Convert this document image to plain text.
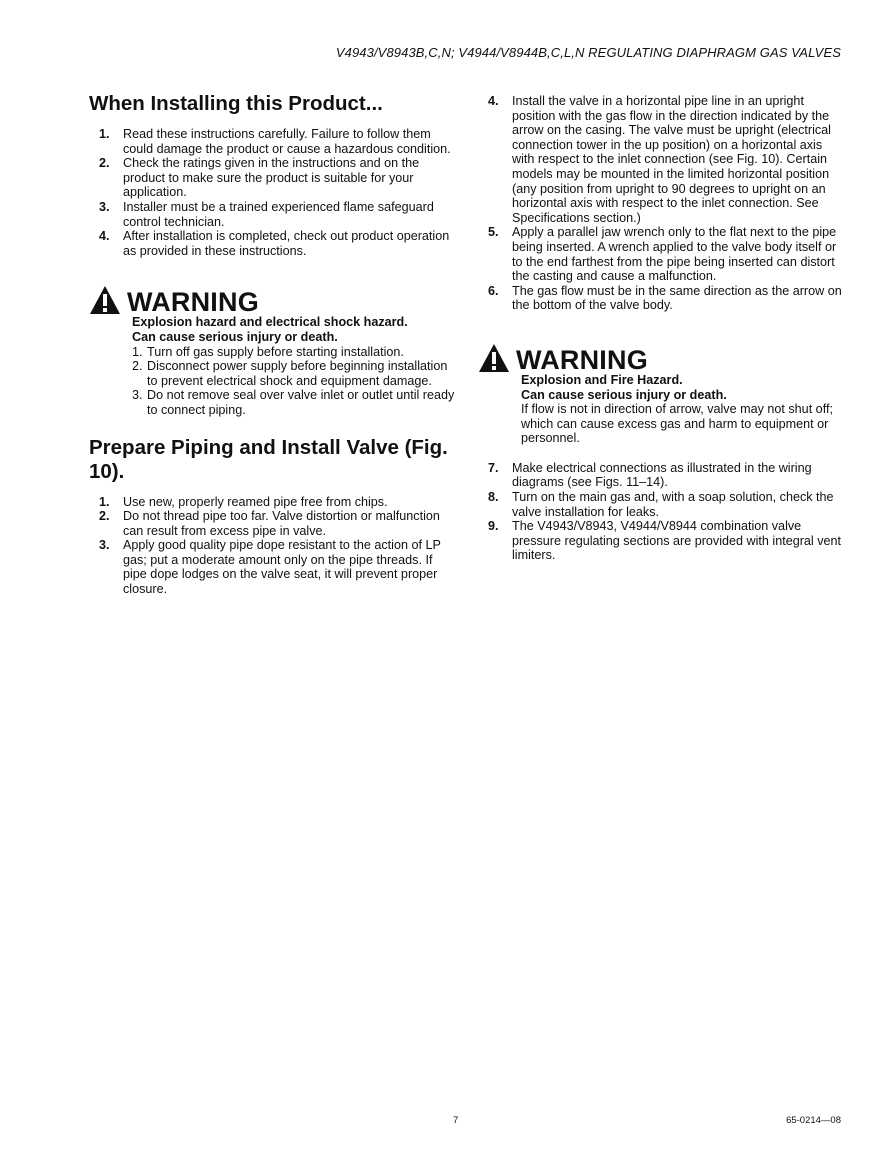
V4943/V8943B,C,N; V4944/V8944B,C,L,N REGULATING DIAPHRAGM GAS VALVES
When Installing this Product...
1. Read these instructions carefully. Failure to follow them could damage the product or cause a hazardous condition.
2. Check the ratings given in the instructions and on the product to make sure the product is suitable for your application.
3. Installer must be a trained experienced flame safeguard control technician.
4. After installation is completed, check out product operation as provided in these instructions.
WARNING
Explosion hazard and electrical shock hazard.
Can cause serious injury or death.
1. Turn off gas supply before starting installation.
2. Disconnect power supply before beginning installation to prevent electrical shock and equipment damage.
3. Do not remove seal over valve inlet or outlet until ready to connect piping.
Prepare Piping and Install Valve (Fig. 10).
1. Use new, properly reamed pipe free from chips.
2. Do not thread pipe too far. Valve distortion or malfunction can result from excess pipe in valve.
3. Apply good quality pipe dope resistant to the action of LP gas; put a moderate amount only on the pipe threads. If pipe dope lodges on the valve seat, it will prevent proper closure.
4. Install the valve in a horizontal pipe line in an upright position with the gas flow in the direction indicated by the arrow on the casing. The valve must be upright (electrical connection tower in the up position) on a horizontal axis with respect to the inlet connection (see Fig. 10). Certain models may be mounted in the limited horizontal position (any position from upright to 90 degrees to upright on an horizontal axis with respect to the inlet connection. See Specifications section.)
5. Apply a parallel jaw wrench only to the flat next to the pipe being inserted. A wrench applied to the valve body itself or to the end farthest from the pipe being inserted can distort the casting and cause a malfunction.
6. The gas flow must be in the same direction as the arrow on the bottom of the valve body.
WARNING
Explosion and Fire Hazard.
Can cause serious injury or death.
If flow is not in direction of arrow, valve may not shut off; which can cause excess gas and harm to equipment or personnel.
7. Make electrical connections as illustrated in the wiring diagrams (see Figs. 11–14).
8. Turn on the main gas and, with a soap solution, check the valve installation for leaks.
9. The V4943/V8943, V4944/V8944 combination valve pressure regulating sections are provided with integral vent limiters.
7	65-0214—08
